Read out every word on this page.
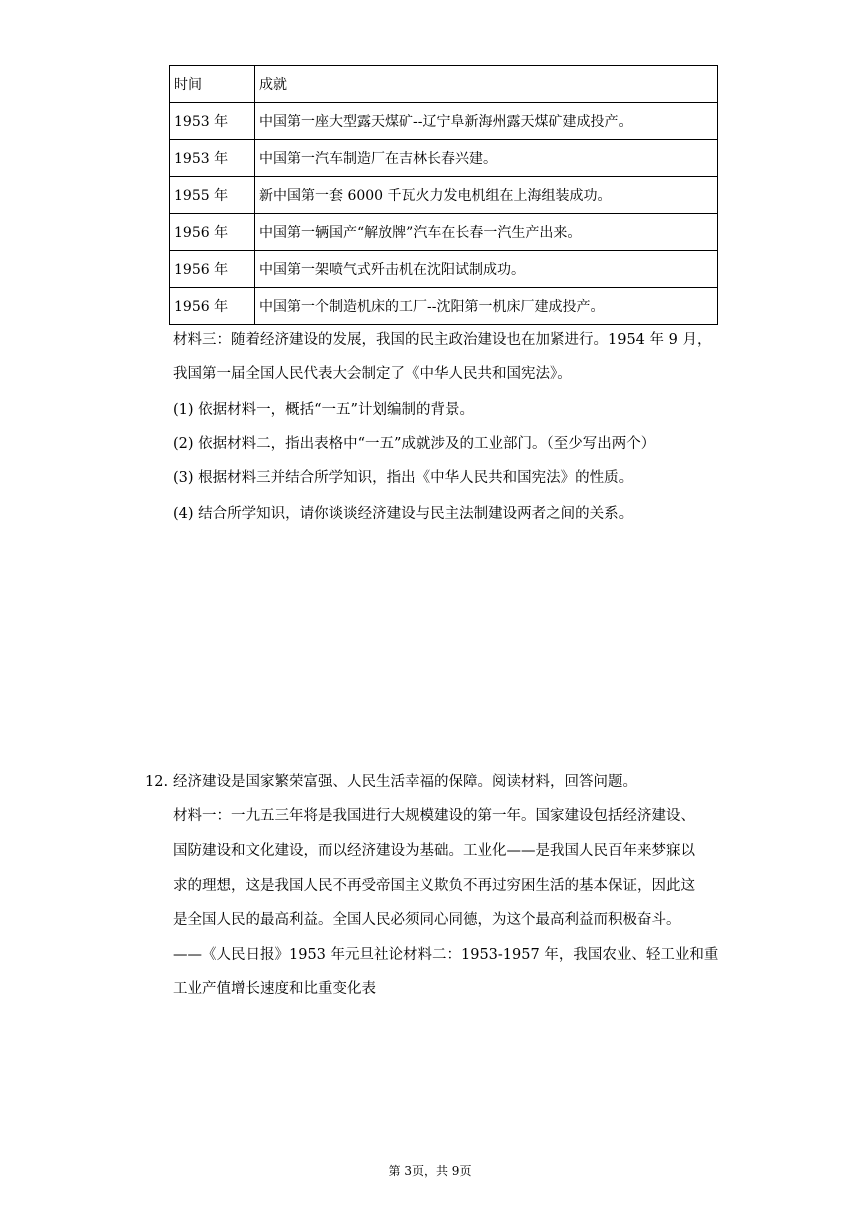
时间	成就
1953 年	中国第一座大型露天煤矿--辽宁阜新海州露天煤矿建成投产。
1953 年	中国第一汽车制造厂在吉林长春兴建。
1955 年	新中国第一套 6000 千瓦火力发电机组在上海组装成功。
1956 年	中国第一辆国产“解放牌”汽车在长春一汽生产出来。
1956 年	中国第一架喷气式歼击机在沈阳试制成功。
1956 年	中国第一个制造机床的工厂--沈阳第一机床厂建成投产。
材料三：随着经济建设的发展，我国的民主政治建设也在加紧进行。1954 年 9 月，
我国第一届全国人民代表大会制定了《中华人民共和国宪法》。
(1) 依据材料一，概括“一五”计划编制的背景。
(2) 依据材料二，指出表格中“一五”成就涉及的工业部门。（至少写出两个）
(3) 根据材料三并结合所学知识，指出《中华人民共和国宪法》的性质。
(4) 结合所学知识，请你谈谈经济建设与民主法制建设两者之间的关系。
12. 经济建设是国家繁荣富强、人民生活幸福的保障。阅读材料，回答问题。
材料一：一九五三年将是我国进行大规模建设的第一年。国家建设包括经济建设、
国防建设和文化建设，而以经济建设为基础。工业化——是我国人民百年来梦寐以
求的理想，这是我国人民不再受帝国主义欺负不再过穷困生活的基本保证，因此这
是全国人民的最高利益。全国人民必须同心同德，为这个最高利益而积极奋斗。
——《人民日报》1953 年元旦社论材料二：1953-1957 年，我国农业、轻工业和重
工业产值增长速度和比重变化表
第 3页，共 9页
